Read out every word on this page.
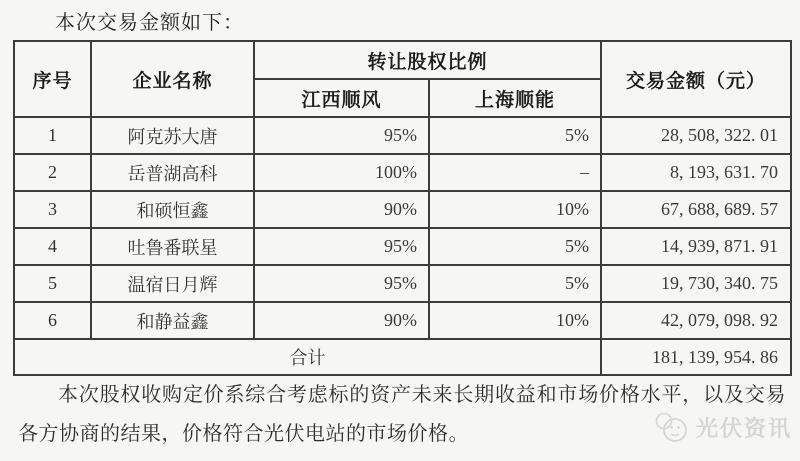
本次交易金额如下：
序号	企业名称	转让股权比例		交易金额（元）
		江西顺风	上海顺能	
1	阿克苏大唐	95%	5%	28, 508, 322. 01
2	岳普湖高科	100%	–	8, 193, 631. 70
3	和硕恒鑫	90%	10%	67, 688, 689. 57
4	吐鲁番联星	95%	5%	14, 939, 871. 91
5	温宿日月辉	95%	5%	19, 730, 340. 75
6	和静益鑫	90%	10%	42, 079, 098. 92
合计				181, 139, 954. 86

本次股权收购定价系综合考虑标的资产未来长期收益和市场价格水平，以及交易各方协商的结果，价格符合光伏电站的市场价格。	光伏资讯
